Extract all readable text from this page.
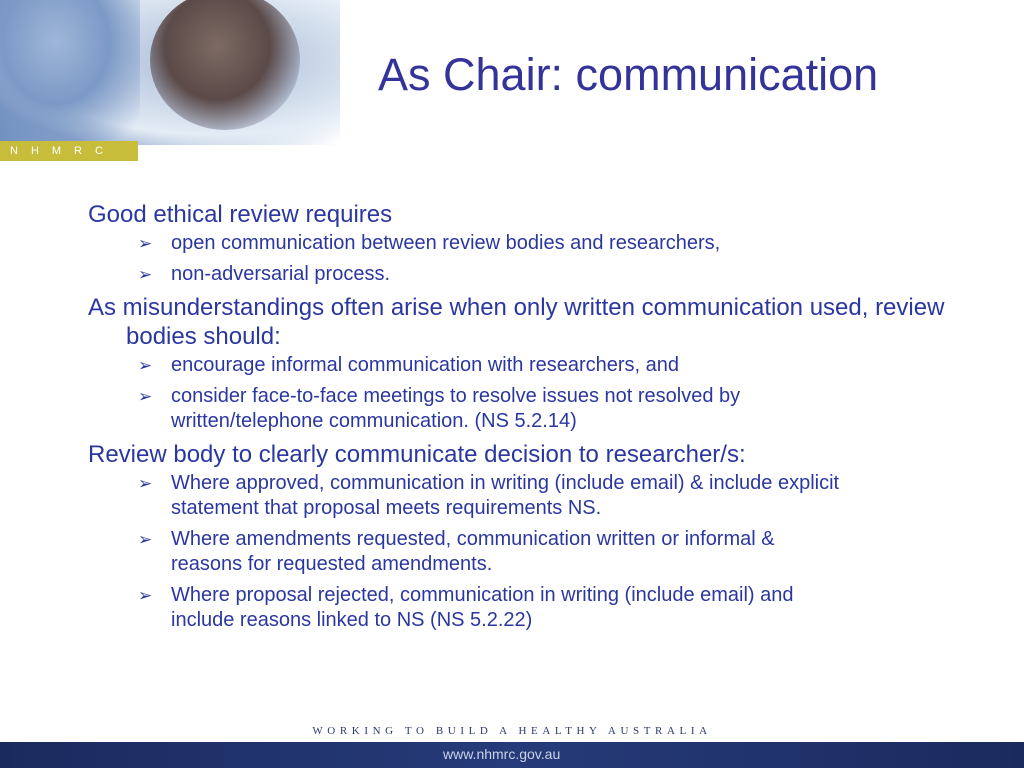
NHMRC
As Chair: communication
Good ethical review requires
➢ open communication between review bodies and researchers,
➢ non-adversarial process.
As misunderstandings often arise when only written communication used, review bodies should:
➢ encourage informal communication with researchers, and
➢ consider face-to-face meetings to resolve issues not resolved by written/telephone communication. (NS 5.2.14)
Review body to clearly communicate decision to researcher/s:
➢ Where approved, communication in writing (include email) & include explicit statement that proposal meets requirements NS.
➢ Where amendments requested, communication written or informal & reasons for requested amendments.
➢ Where proposal rejected, communication in writing (include email) and include reasons linked to NS (NS 5.2.22)
WORKING TO BUILD A HEALTHY AUSTRALIA
www.nhmrc.gov.au
